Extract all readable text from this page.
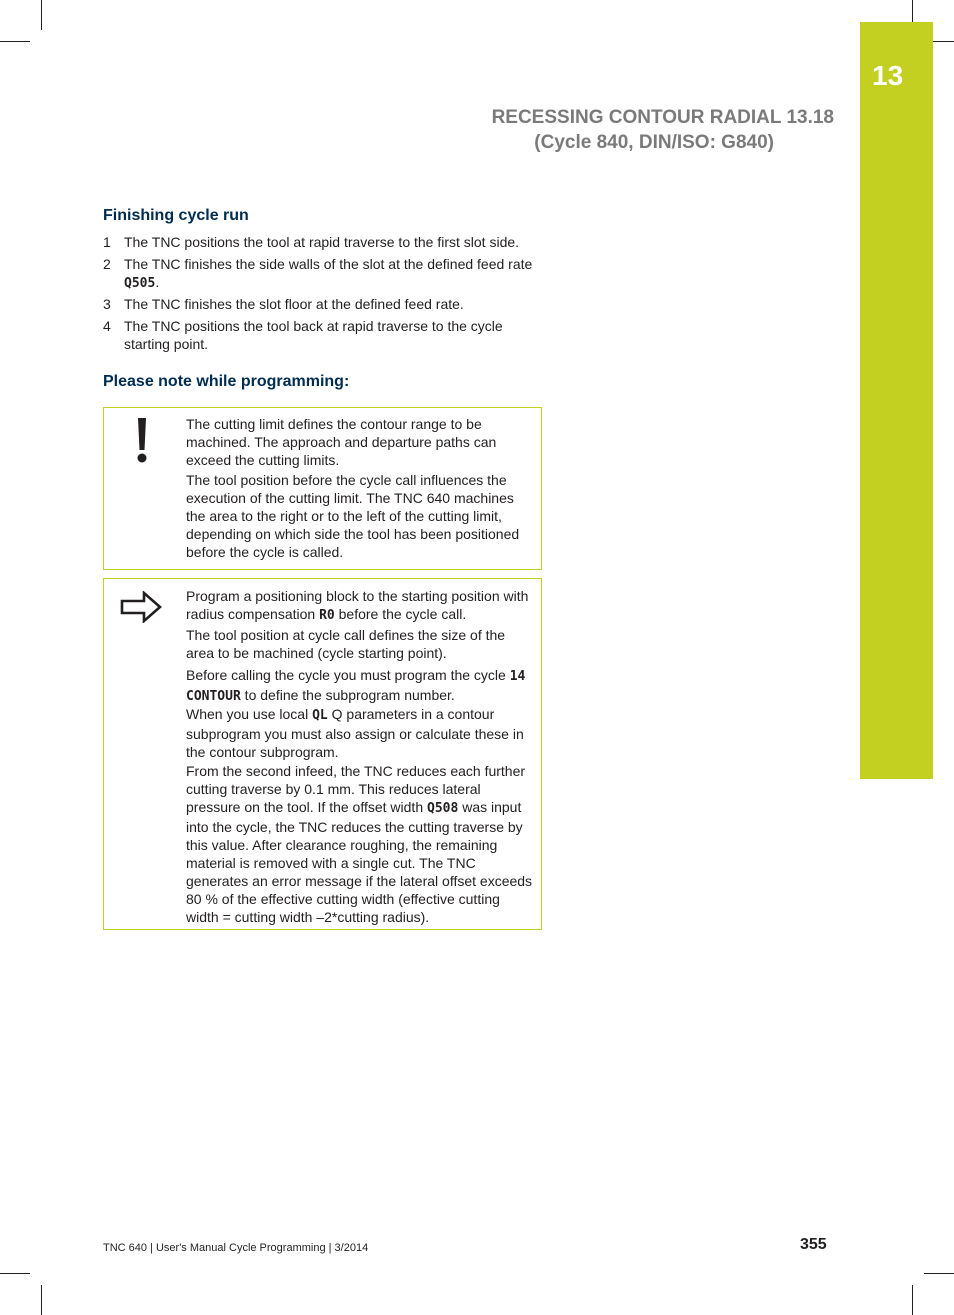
13
RECESSING CONTOUR RADIAL 13.18
(Cycle 840, DIN/ISO: G840)
Finishing cycle run
1 The TNC positions the tool at rapid traverse to the first slot side.
2 The TNC finishes the side walls of the slot at the defined feed rate Q505.
3 The TNC finishes the slot floor at the defined feed rate.
4 The TNC positions the tool back at rapid traverse to the cycle starting point.
Please note while programming:
The cutting limit defines the contour range to be machined. The approach and departure paths can exceed the cutting limits.
The tool position before the cycle call influences the execution of the cutting limit. The TNC 640 machines the area to the right or to the left of the cutting limit, depending on which side the tool has been positioned before the cycle is called.
Program a positioning block to the starting position with radius compensation R0 before the cycle call.
The tool position at cycle call defines the size of the area to be machined (cycle starting point).
Before calling the cycle you must program the cycle 14 CONTOUR to define the subprogram number.
When you use local QL Q parameters in a contour subprogram you must also assign or calculate these in the contour subprogram.
From the second infeed, the TNC reduces each further cutting traverse by 0.1 mm. This reduces lateral pressure on the tool. If the offset width Q508 was input into the cycle, the TNC reduces the cutting traverse by this value. After clearance roughing, the remaining material is removed with a single cut. The TNC generates an error message if the lateral offset exceeds 80 % of the effective cutting width (effective cutting width = cutting width –2*cutting radius).
TNC 640 | User's Manual Cycle Programming | 3/2014	355
